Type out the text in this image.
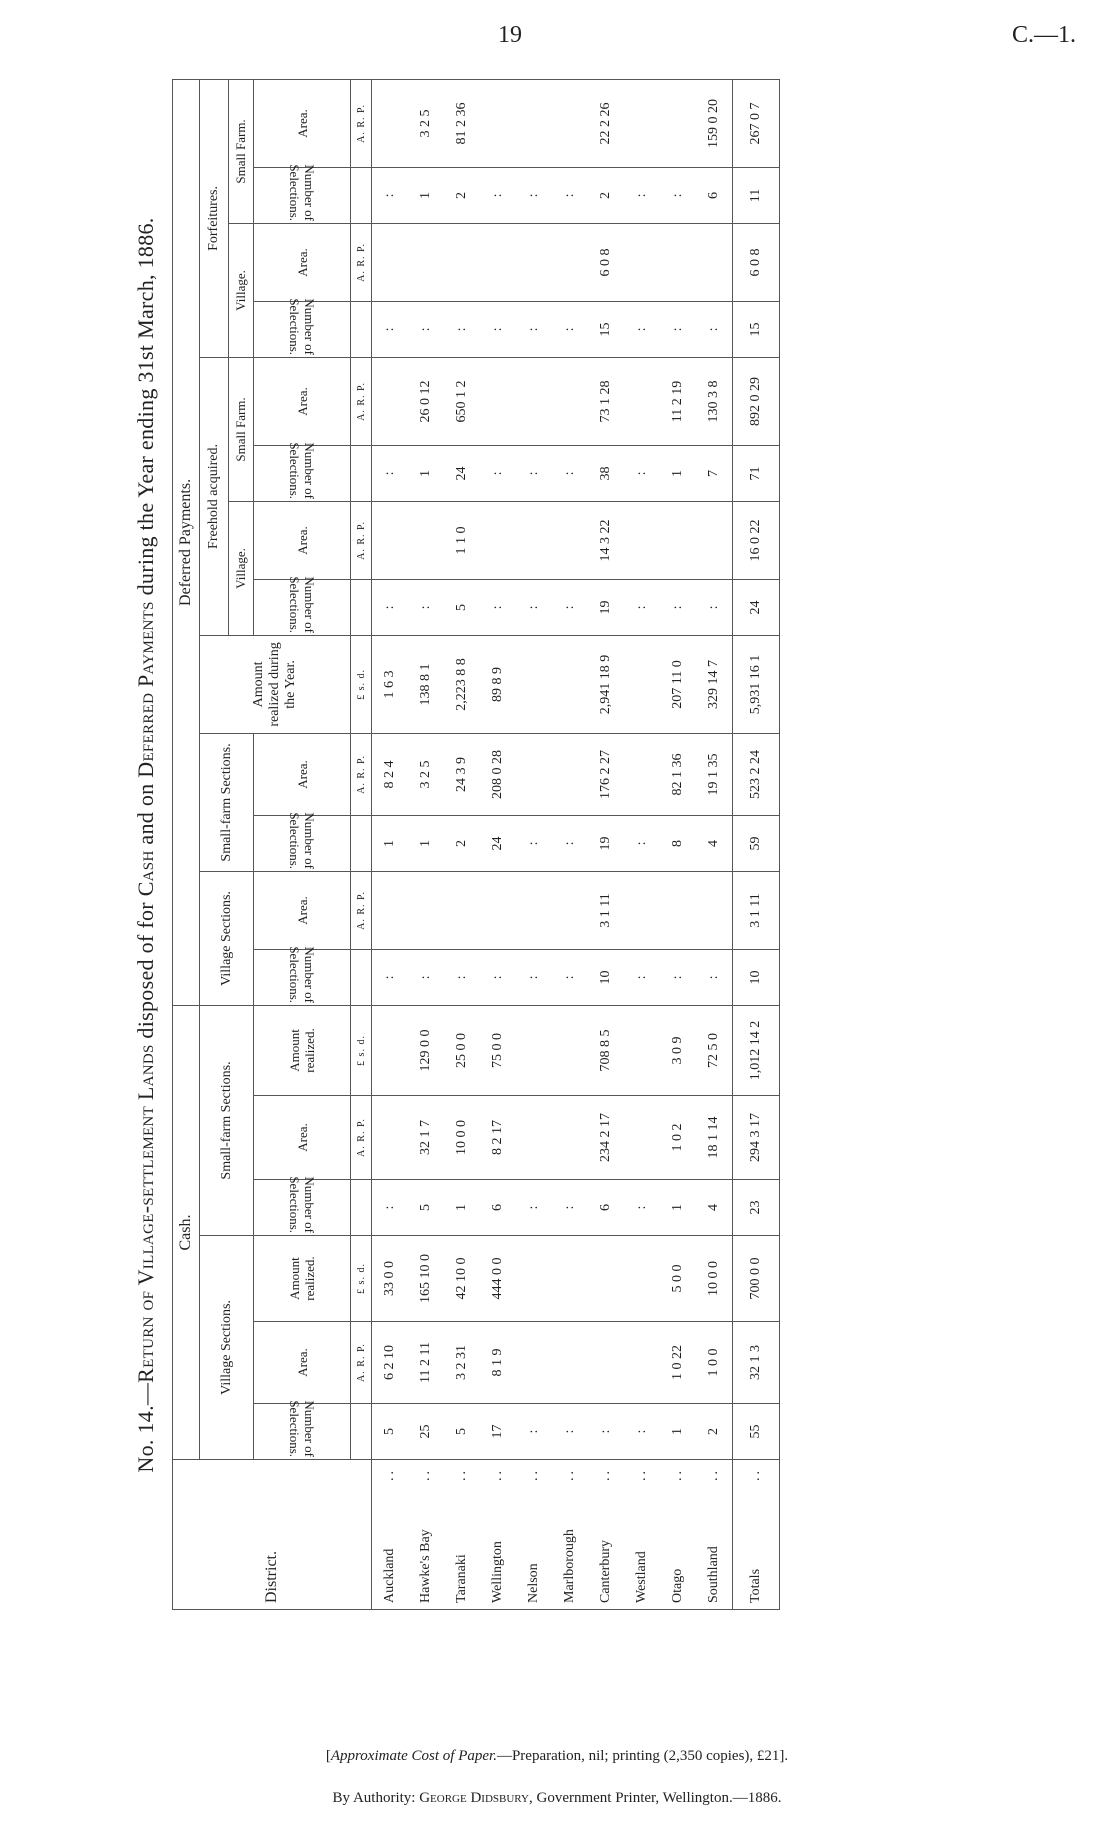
19	C.—1.
No. 14.—Return of Village-settlement Lands disposed of for Cash and on Deferred Payments during the Year ending 31st March, 1886.
District.	Cash.						Deferred Payments.												
	Village Sections.			Small-farm Sections.			Village Sections.		Small-farm Sections.		Amount realized during the Year.	Freehold acquired.				Forfeitures.			
												Village.		Small Farm.		Village.		Small Farm.	
	Number of Selections.	Area.	Amount realized.	Number of Selections.	Area.	Amount realized.	Number of Selections.	Area.	Number of Selections.	Area.		Number of Selections.	Area.	Number of Selections.	Area.	Number of Selections.	Area.	Number of Selections.	Area.
		A. R. P.	£ s. d.		A. R. P.	£ s. d.		A. R. P.		A. R. P.	£ s. d.		A. R. P.		A. R. P.		A. R. P.		A. R. P.
Auckland
..	5	6 2 10	33 0 0	:			:		1	8 2 4	1 6 3	:		:		:		:	
Hawke's Bay
..	25	11 2 11	165 10 0	5	32 1 7	129 0 0	:		1	3 2 5	138 8 1	:		1	26 0 12	:		1	3 2 5
Taranaki
..	5	3 2 31	42 10 0	1	10 0 0	25 0 0	:		2	24 3 9	2,223 8 8	5	1 1 0	24	650 1 2	:		2	81 2 36
Wellington
..	17	8 1 9	444 0 0	6	8 2 17	75 0 0	:		24	208 0 28	89 8 9	:		:		:		:	
Nelson
..	:			:			:		:			:		:		:		:	
Marlborough
..	:			:			:		:			:		:		:		:	
Canterbury
..	:			6	234 2 17	708 8 5	10	3 1 11	19	176 2 27	2,941 18 9	19	14 3 22	38	73 1 28	15	6 0 8	2	22 2 26
Westland
..	:			:			:		:			:		:		:		:	
Otago
..	1	1 0 22	5 0 0	1	1 0 2	3 0 9	:		8	82 1 36	207 11 0	:		1	11 2 19	:		:	
Southland
..	2	1 0 0	10 0 0	4	18 1 14	72 5 0	:		4	19 1 35	329 14 7	:		7	130 3 8	:		6	159 0 20
Totals
..	55	32 1 3	700 0 0	23	294 3 17	1,012 14 2	10	3 1 11	59	523 2 24	5,931 16 1	24	16 0 22	71	892 0 29	15	6 0 8	11	267 0 7
[Approximate Cost of Paper.—Preparation, nil; printing (2,350 copies), £21].
By Authority: George Didsbury, Government Printer, Wellington.—1886.
